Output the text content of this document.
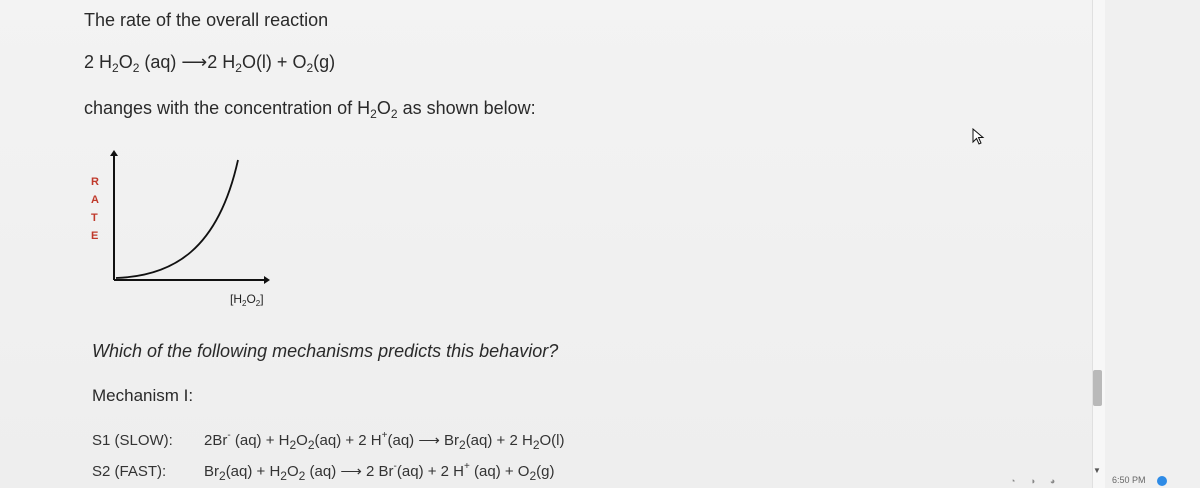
The rate of the overall reaction
2 $H_2O_2$ (aq) ⟶2 $H_2O(l) + O_2(g)$
changes with the concentration of $H_2O_2$ as shown below:
R
A
T
E
$[H_2O_2]$
Which of the following mechanisms predicts this behavior?
Mechanism I:
S1 (SLOW): 2Br- $(aq) + H_2O_2(aq) + 2$ H+(aq) ⟶ $Br_2(aq) + 2$ $H_2O(l)$
S2 (FAST):	$Br_2(aq) + H_2O_2$ (aq) ⟶ 2 Br-(aq) + 2 H+ $(aq) + O_2(g)$	▼
◔ ◑ ◕	6:50 PM
